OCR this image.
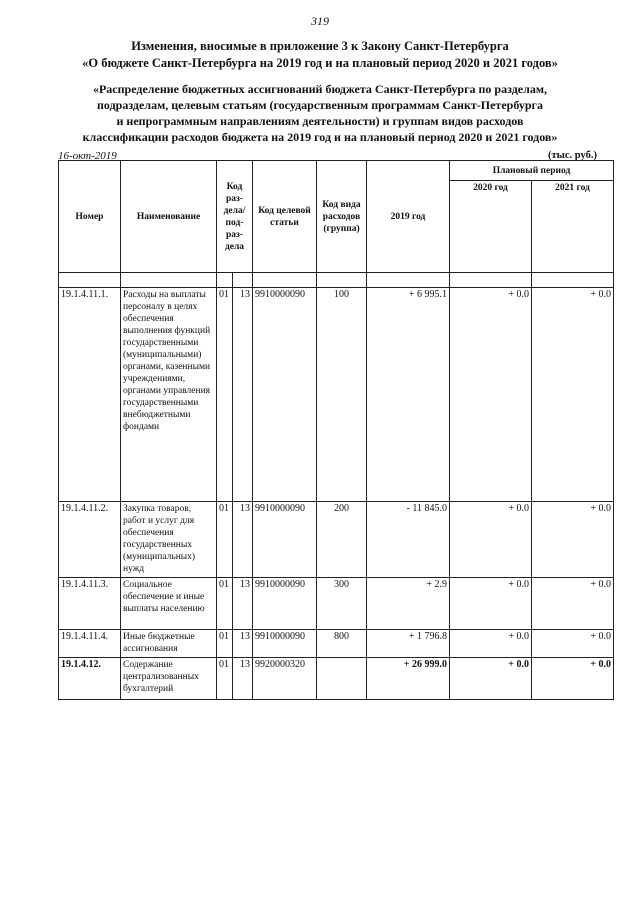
319
Изменения, вносимые в приложение 3 к Закону Санкт-Петербурга
«О бюджете Санкт-Петербурга на 2019 год и на плановый период 2020 и 2021 годов»
«Распределение бюджетных ассигнований бюджета Санкт-Петербурга по разделам,
подразделам, целевым статьям (государственным программам Санкт-Петербурга
и непрограммным направлениям деятельности) и группам видов расходов
классификации расходов бюджета на 2019 год и на плановый период 2020 и 2021 годов»
16-окт-2019	(тыс. руб.)
Номер	Наименование	Код раз-дела/под-раз-дела		Код целевой статьи	Код вида расходов (группа)	2019 год	Плановый период	
							2020 год	2021 год

19.1.4.11.1.	Расходы на выплаты персоналу в целях обеспечения выполнения функций государственными (муниципальными) органами, казенными учреждениями, органами управления государственными внебюджетными фондами	01	13	9910000090	100	+ 6 995.1	+ 0.0	+ 0.0
19.1.4.11.2.	Закупка товаров, работ и услуг для обеспечения государственных (муниципальных) нужд	01	13	9910000090	200	- 11 845.0	+ 0.0	+ 0.0
19.1.4.11.3.	Социальное обеспечение и иные выплаты населению	01	13	9910000090	300	+ 2.9	+ 0.0	+ 0.0
19.1.4.11.4.	Иные бюджетные ассигнования	01	13	9910000090	800	+ 1 796.8	+ 0.0	+ 0.0
19.1.4.12.	Содержание централизованных бухгалтерий	01	13	9920000320		+ 26 999.0	+ 0.0	+ 0.0
